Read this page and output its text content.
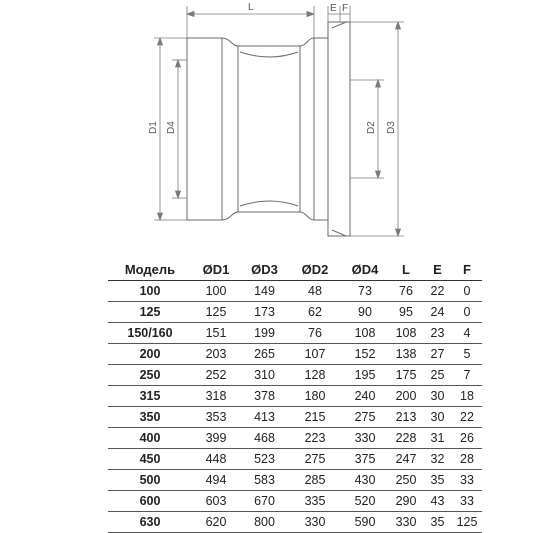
L	E F
D1 D4	D2 D3
Модель	ØD1	ØD3	ØD2	ØD4	L	E	F
100	100	149	48	73	76	22	0
125	125	173	62	90	95	24	0
150/160	151	199	76	108	108	23	4
200	203	265	107	152	138	27	5
250	252	310	128	195	175	25	7
315	318	378	180	240	200	30	18
350	353	413	215	275	213	30	22
400	399	468	223	330	228	31	26
450	448	523	275	375	247	32	28
500	494	583	285	430	250	35	33
600	603	670	335	520	290	43	33
630	620	800	330	590	330	35	125
